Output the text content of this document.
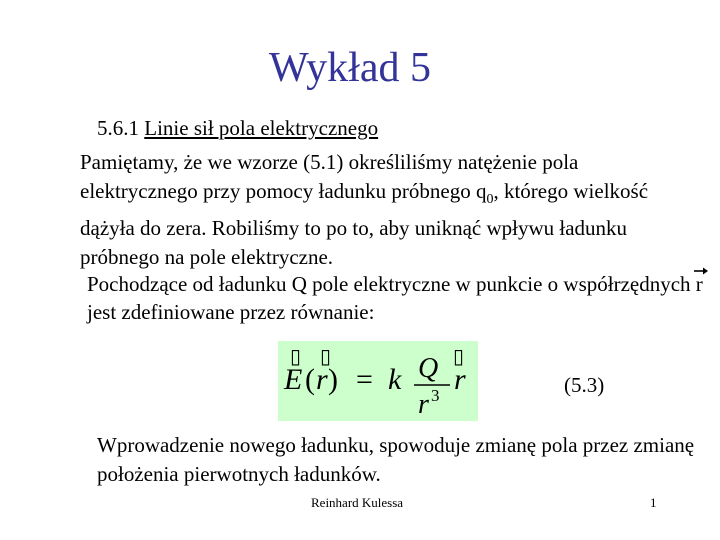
Wykład 5
5.6.1 Linie sił pola elektrycznego

Pamiętamy, że we wzorze (5.1) określiliśmy natężenie pola elektrycznego przy pomocy ładunku próbnego $q_0$, którego wielkość dążyła do zera. Robiliśmy to po to, aby uniknąć wpływu ładunku próbnego na pole elektryczne.

Pochodzące od ładunku Q pole elektryczne w punkcie o współrzędnych
r jest zdefiniowane przez równanie:

▯ ▯	▯
E ( r ) = k Q
r 3 r	(5.3)

Wprowadzenie nowego ładunku, spowoduje zmianę pola przez zmianę położenia pierwotnych ładunków.

Reinhard Kulessa	1
